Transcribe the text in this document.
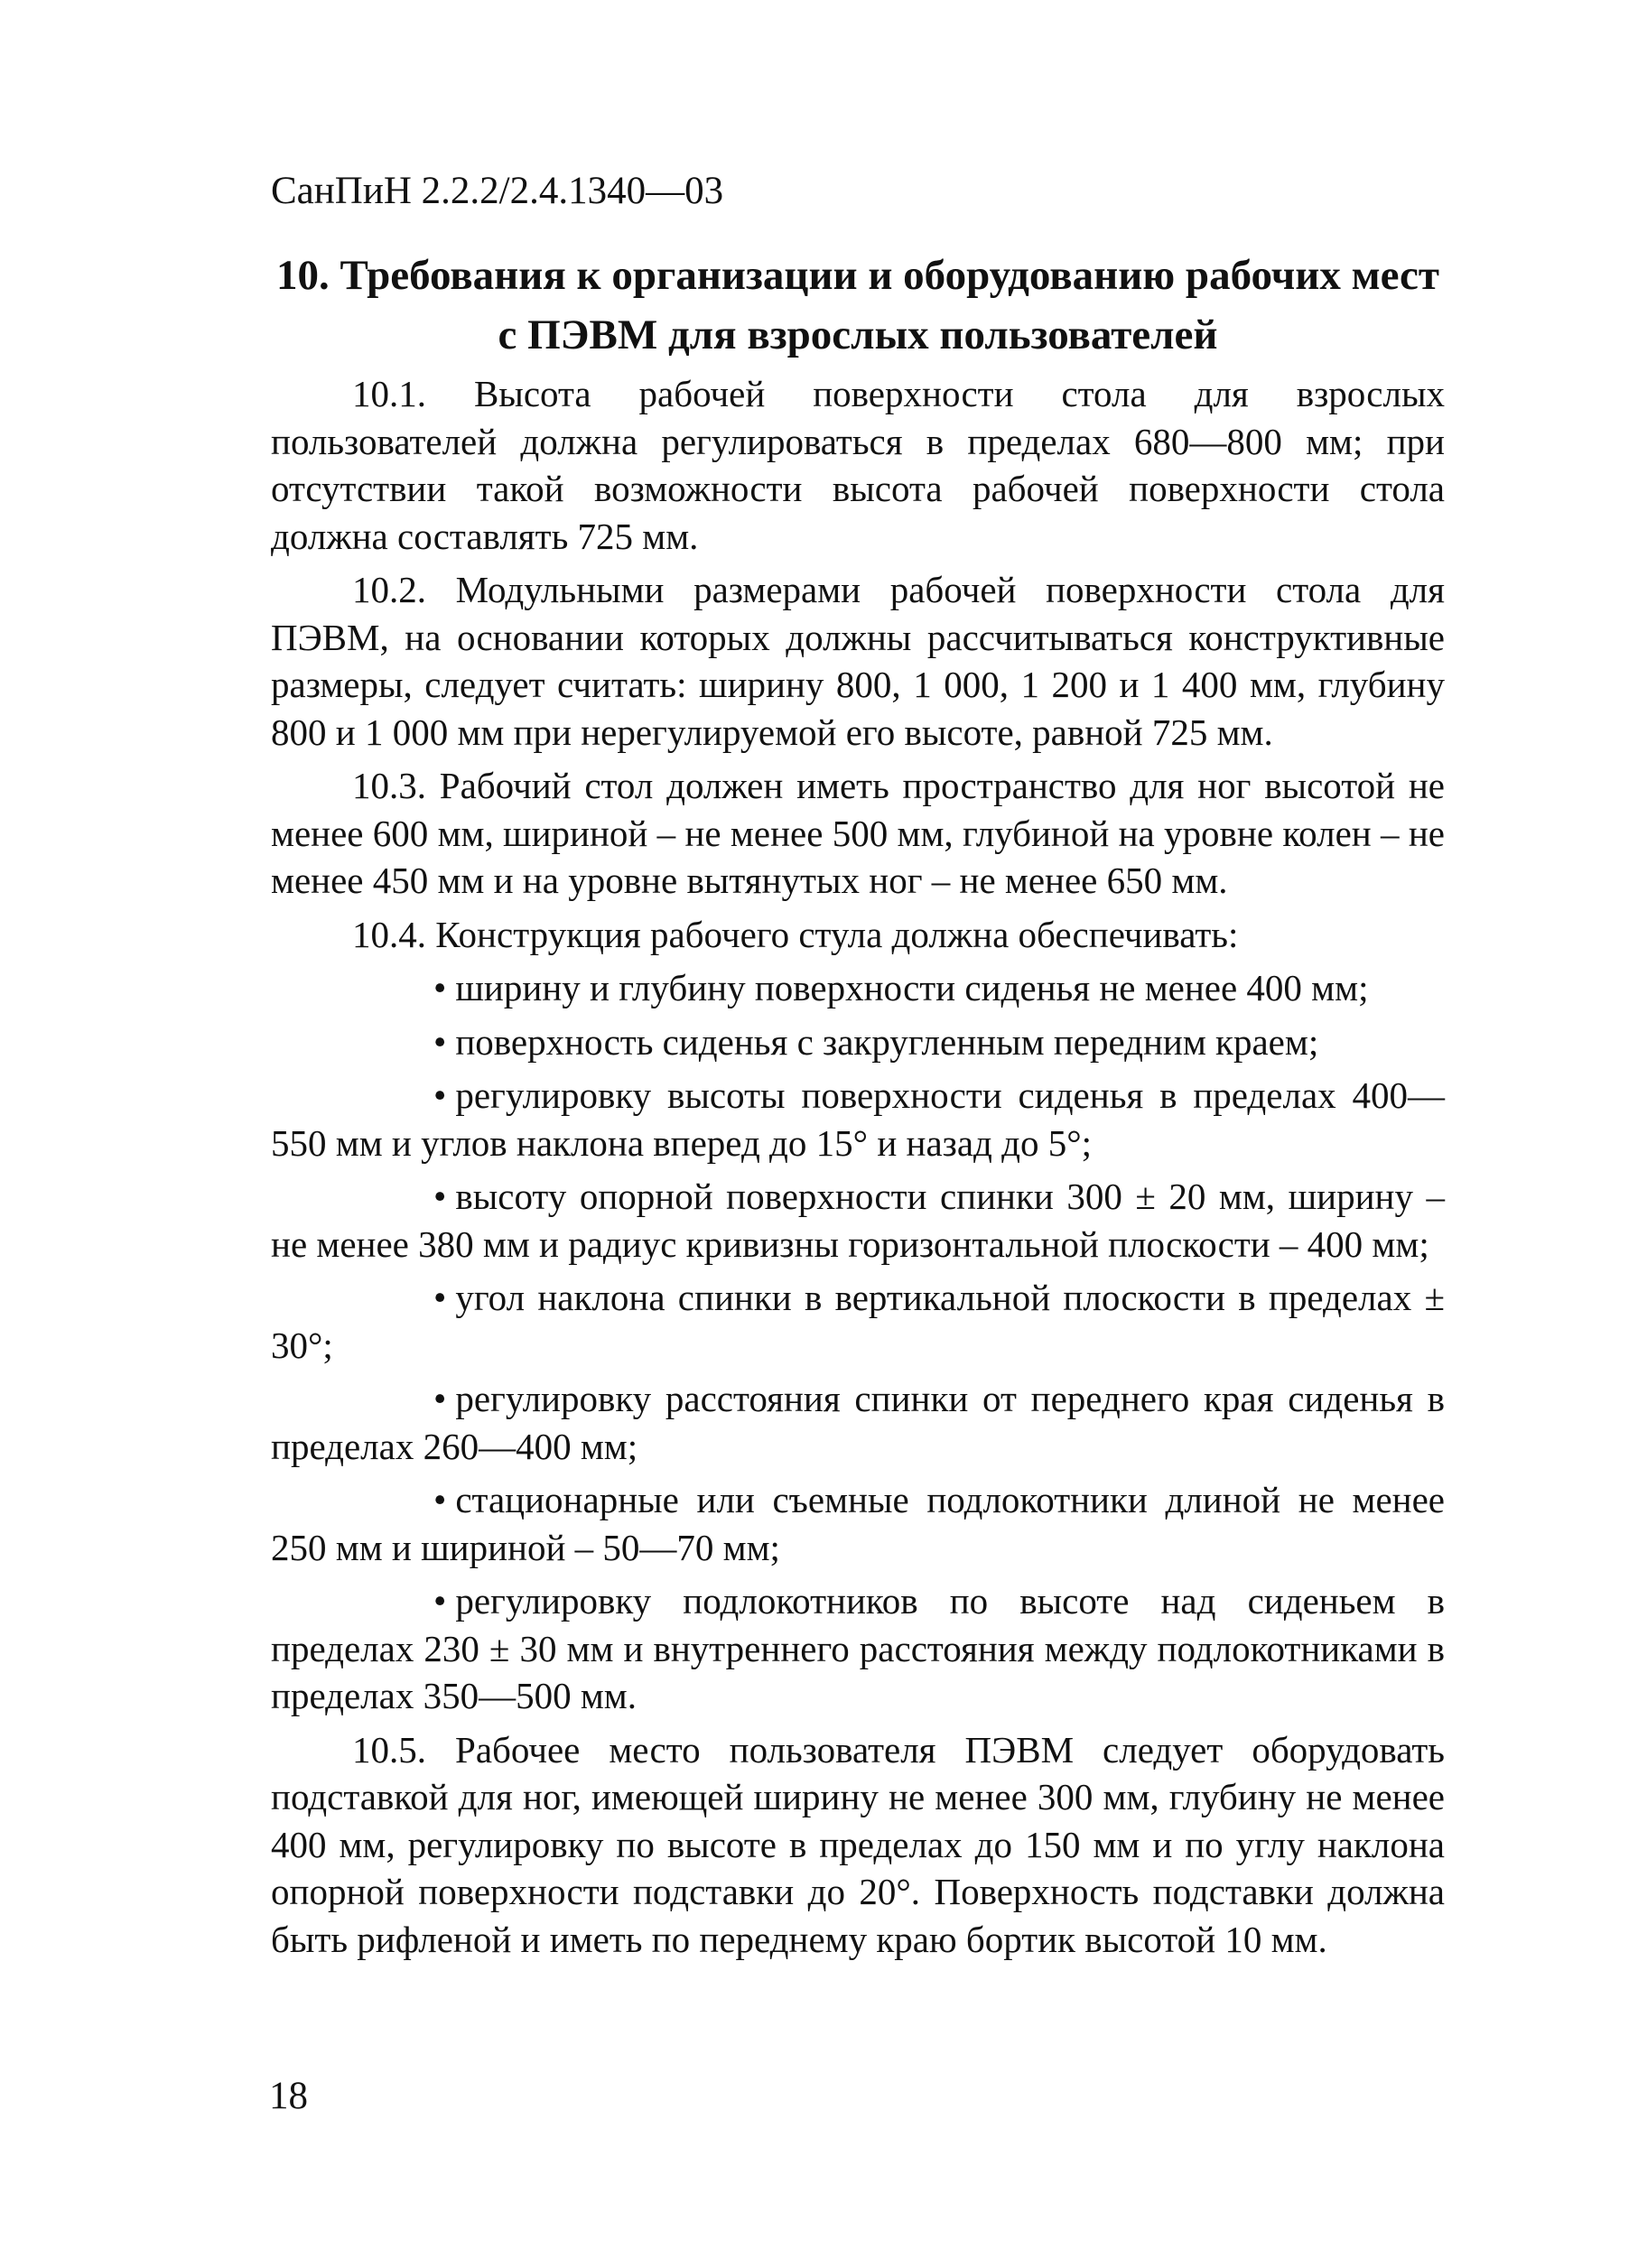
СанПиН 2.2.2/2.4.1340—03
10. Требования к организации и оборудованию рабочих мест
с ПЭВМ для взрослых пользователей

10.1. Высота рабочей поверхности стола для взрослых пользователей должна регулироваться в пределах 680—800 мм; при отсутствии такой возможности высота рабочей поверхности стола должна составлять 725 мм.

10.2. Модульными размерами рабочей поверхности стола для ПЭВМ, на основании которых должны рассчитываться конструктивные размеры, следует считать: ширину 800, 1 000, 1 200 и 1 400 мм, глубину 800 и 1 000 мм при нерегулируемой его высоте, равной 725 мм.

10.3. Рабочий стол должен иметь пространство для ног высотой не менее 600 мм, шириной – не менее 500 мм, глубиной на уровне колен – не менее 450 мм и на уровне вытянутых ног – не менее 650 мм.

10.4. Конструкция рабочего стула должна обеспечивать:

• ширину и глубину поверхности сиденья не менее 400 мм;

• поверхность сиденья с закругленным передним краем;

• регулировку высоты поверхности сиденья в пределах 400—550 мм и углов наклона вперед до 15° и назад до 5°;

• высоту опорной поверхности спинки 300 ± 20 мм, ширину – не менее 380 мм и радиус кривизны горизонтальной плоскости – 400 мм;

• угол наклона спинки в вертикальной плоскости в пределах ± 30°;

• регулировку расстояния спинки от переднего края сиденья в пределах 260—400 мм;

• стационарные или съемные подлокотники длиной не менее 250 мм и шириной – 50—70 мм;

• регулировку подлокотников по высоте над сиденьем в пределах 230 ± 30 мм и внутреннего расстояния между подлокотниками в пределах 350—500 мм.

10.5. Рабочее место пользователя ПЭВМ следует оборудовать подставкой для ног, имеющей ширину не менее 300 мм, глубину не менее 400 мм, регулировку по высоте в пределах до 150 мм и по углу наклона опорной поверхности подставки до 20°. Поверхность подставки должна быть рифленой и иметь по переднему краю бортик высотой 10 мм.

18
